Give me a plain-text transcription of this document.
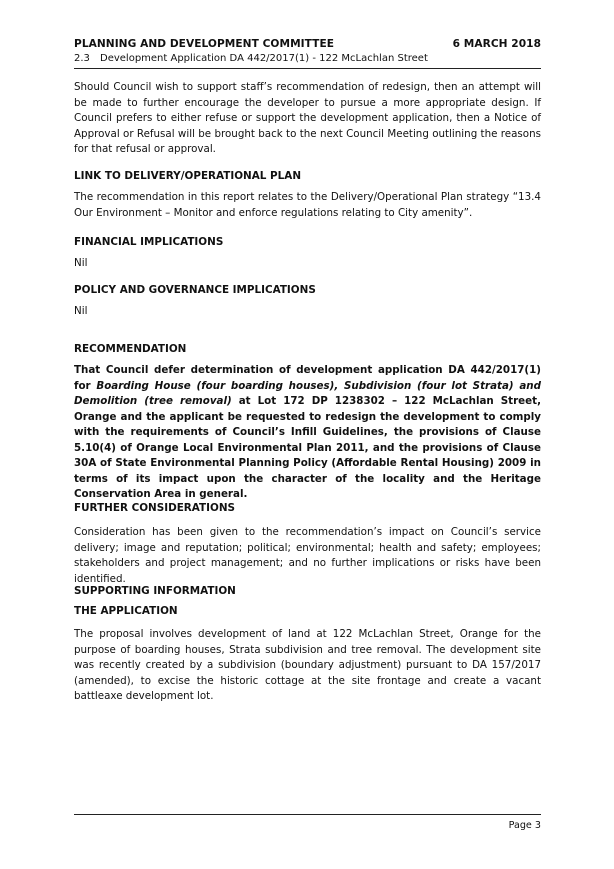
PLANNING AND DEVELOPMENT COMMITTEE	6 MARCH 2018
2.3 Development Application DA 442/2017(1) - 122 McLachlan Street

Should Council wish to support staff’s recommendation of redesign, then an attempt will be made to further encourage the developer to pursue a more appropriate design. If Council prefers to either refuse or support the development application, then a Notice of Approval or Refusal will be brought back to the next Council Meeting outlining the reasons for that refusal or approval.

LINK TO DELIVERY/OPERATIONAL PLAN

The recommendation in this report relates to the Delivery/Operational Plan strategy “13.4 Our Environment – Monitor and enforce regulations relating to City amenity”.

FINANCIAL IMPLICATIONS

Nil

POLICY AND GOVERNANCE IMPLICATIONS

Nil

RECOMMENDATION

That Council defer determination of development application DA 442/2017(1) for Boarding House (four boarding houses), Subdivision (four lot Strata) and Demolition (tree removal) at Lot 172 DP 1238302 – 122 McLachlan Street, Orange and the applicant be requested to redesign the development to comply with the requirements of Council’s Infill Guidelines, the provisions of Clause 5.10(4) of Orange Local Environmental Plan 2011, and the provisions of Clause 30A of State Environmental Planning Policy (Affordable Rental Housing) 2009 in terms of its impact upon the character of the locality and the Heritage Conservation Area in general.

FURTHER CONSIDERATIONS

Consideration has been given to the recommendation’s impact on Council’s service delivery; image and reputation; political; environmental; health and safety; employees; stakeholders and project management; and no further implications or risks have been identified.

SUPPORTING INFORMATION

THE APPLICATION

The proposal involves development of land at 122 McLachlan Street, Orange for the purpose of boarding houses, Strata subdivision and tree removal. The development site was recently created by a subdivision (boundary adjustment) pursuant to DA 157/2017 (amended), to excise the historic cottage at the site frontage and create a vacant battleaxe development lot.

Page 3
